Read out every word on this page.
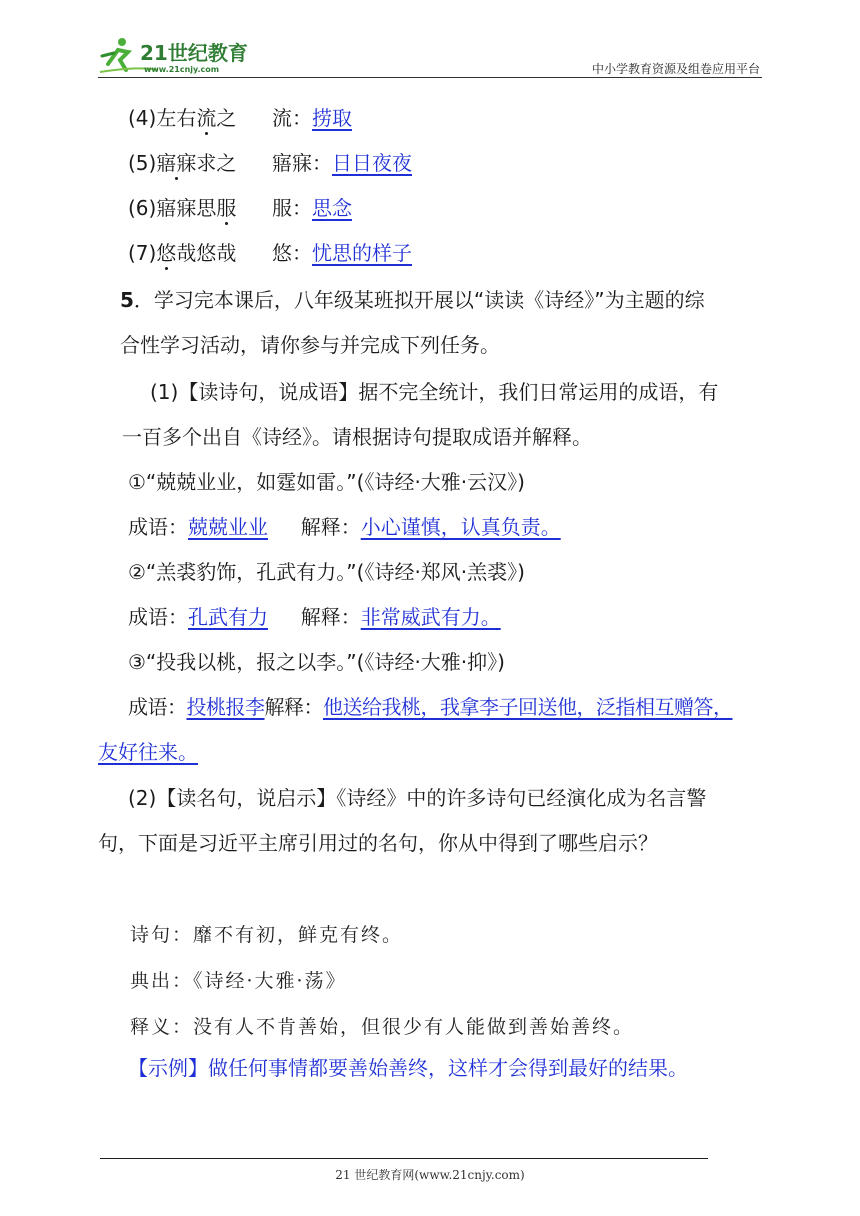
21世纪教育
www.21cnjy.com	中小学教育资源及组卷应用平台
(4)左右流之 流：捞取
(5)寤寐求之 寤寐：日日夜夜
(6)寤寐思服 服：思念
(7)悠哉悠哉 悠：忧思的样子
5．学习完本课后，八年级某班拟开展以“读读《诗经》”为主题的综
合性学习活动，请你参与并完成下列任务。
(1)【读诗句，说成语】据不完全统计，我们日常运用的成语，有
一百多个出自《诗经》。请根据诗句提取成语并解释。
①“兢兢业业，如霆如雷。”(《诗经·大雅·云汉》)
成语：兢兢业业 解释：小心谨慎，认真负责。
②“羔裘豹饰，孔武有力。”(《诗经·郑风·羔裘》)
成语：孔武有力 解释：非常威武有力。
③“投我以桃，报之以李。”(《诗经·大雅·抑》)
成语：投桃报李解释：他送给我桃，我拿李子回送他，泛指相互赠答，
友好往来。
(2)【读名句，说启示】《诗经》中的许多诗句已经演化成为名言警
句，下面是习近平主席引用过的名句，你从中得到了哪些启示？
诗句：靡不有初，鲜克有终。
典出：《诗经·大雅·荡》
释义：没有人不肯善始，但很少有人能做到善始善终。
【示例】做任何事情都要善始善终，这样才会得到最好的结果。
21 世纪教育网(www.21cnjy.com)
